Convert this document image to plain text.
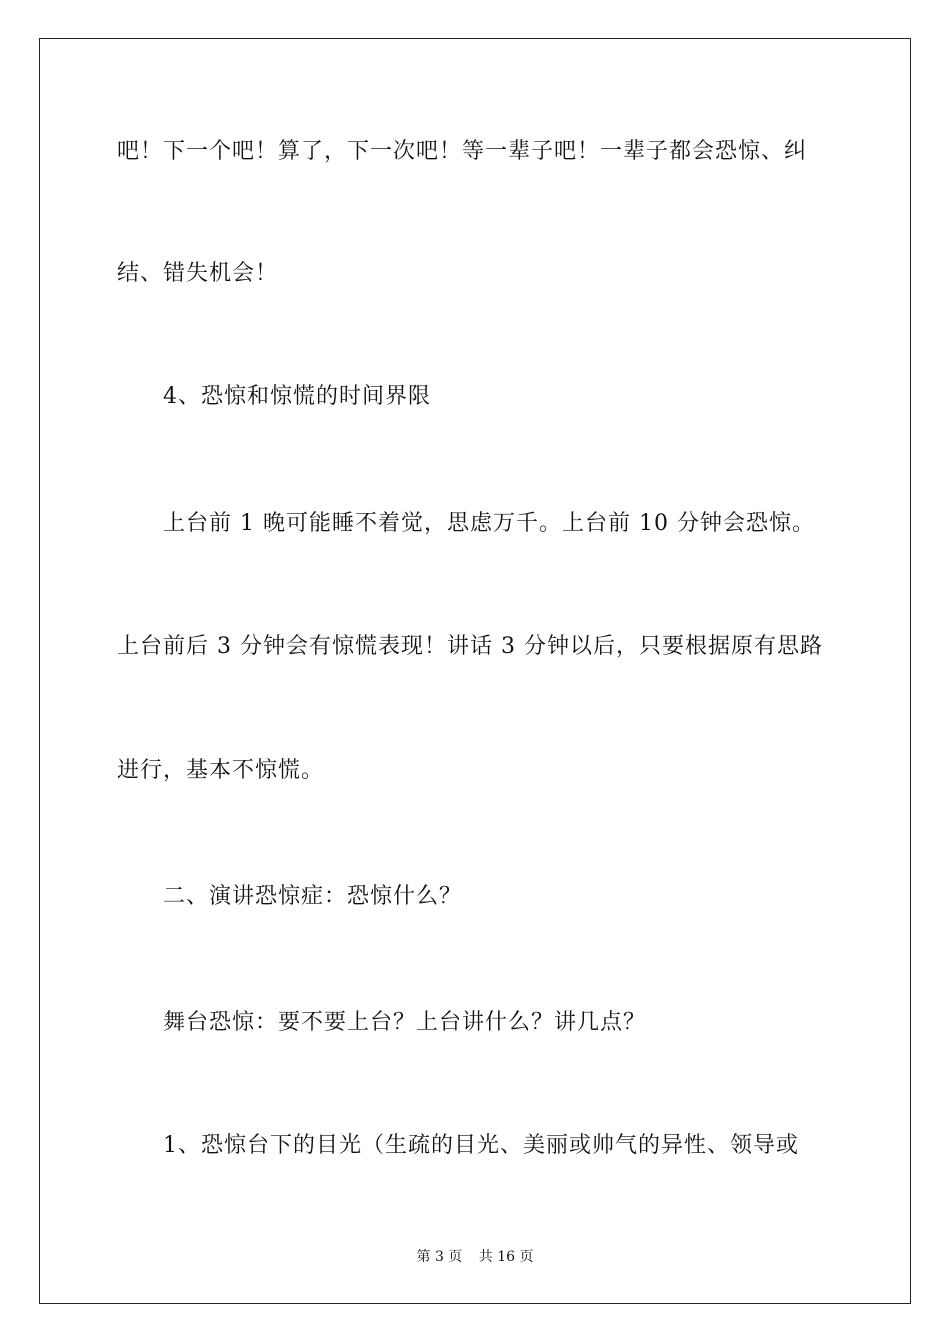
吧！下一个吧！算了，下一次吧！等一辈子吧！一辈子都会恐惊、纠
结、错失机会！
4、恐惊和惊慌的时间界限
上台前 1 晚可能睡不着觉，思虑万千。上台前 10 分钟会恐惊。
上台前后 3 分钟会有惊慌表现！讲话 3 分钟以后，只要根据原有思路
进行，基本不惊慌。
二、演讲恐惊症：恐惊什么？
舞台恐惊：要不要上台？上台讲什么？讲几点？
1、恐惊台下的目光（生疏的目光、美丽或帅气的异性、领导或
第 3 页 共 16 页
